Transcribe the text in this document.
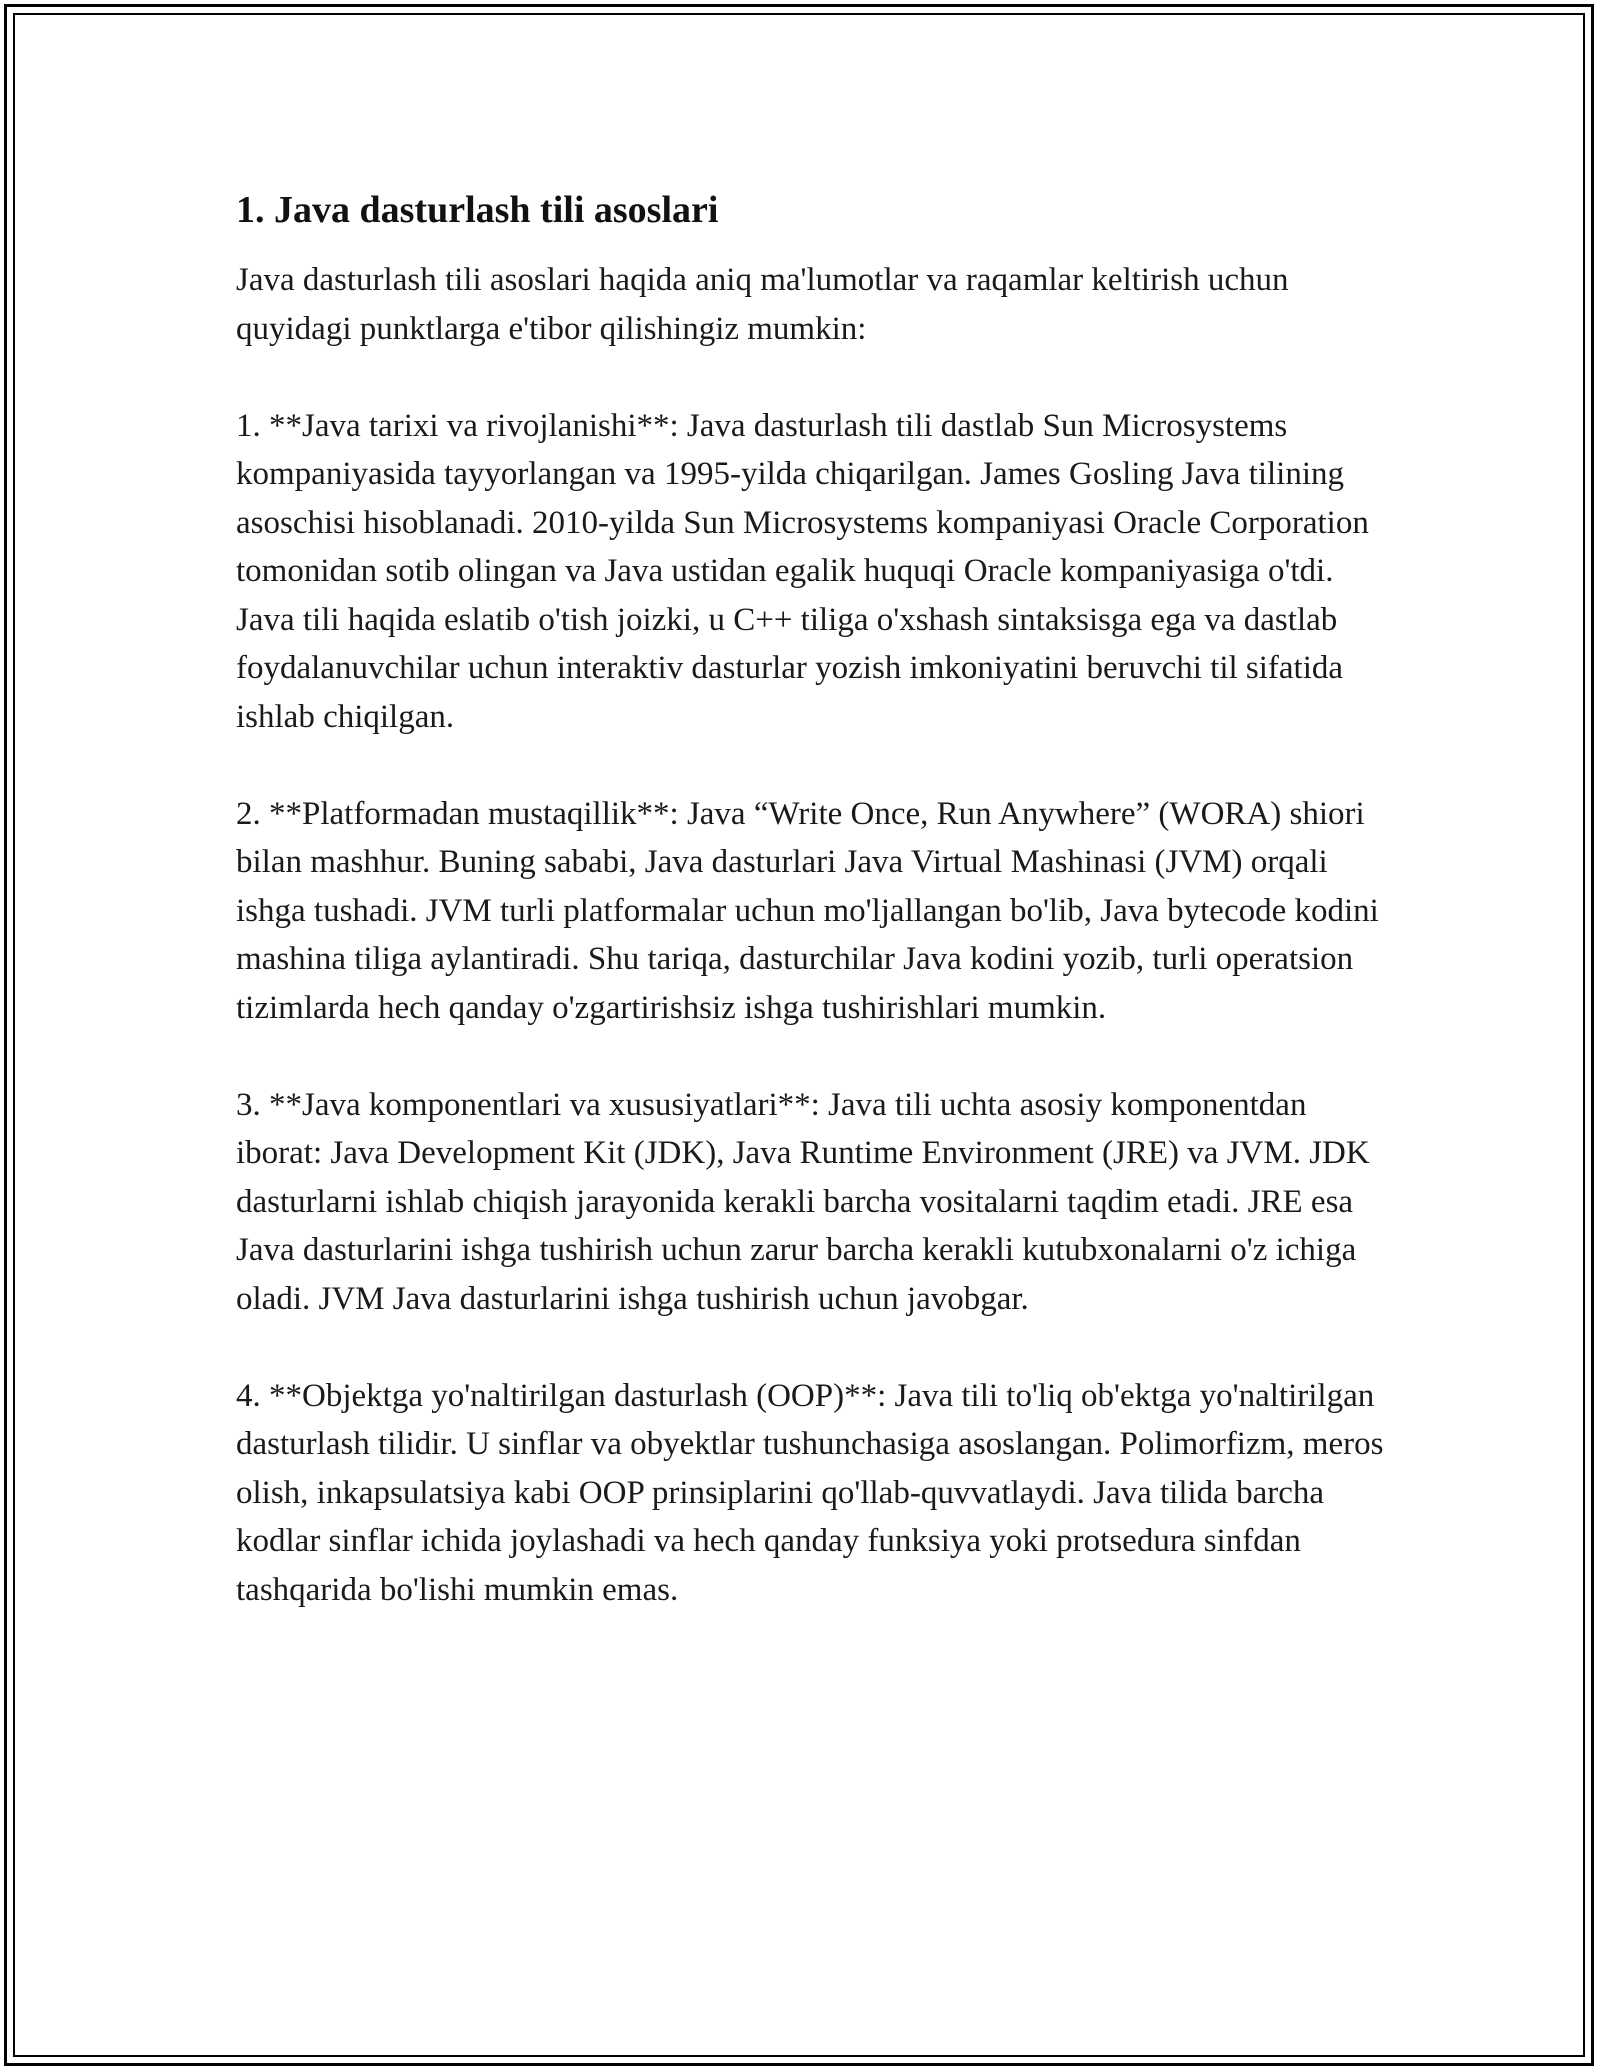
1. Java dasturlash tili asoslari

Java dasturlash tili asoslari haqida aniq ma'lumotlar va raqamlar keltirish uchun quyidagi punktlarga e'tibor qilishingiz mumkin:

1. **Java tarixi va rivojlanishi**: Java dasturlash tili dastlab Sun Microsystems kompaniyasida tayyorlangan va 1995-yilda chiqarilgan. James Gosling Java tilining asoschisi hisoblanadi. 2010-yilda Sun Microsystems kompaniyasi Oracle Corporation tomonidan sotib olingan va Java ustidan egalik huquqi Oracle kompaniyasiga o'tdi. Java tili haqida eslatib o'tish joizki, u C++ tiliga o'xshash sintaksisga ega va dastlab foydalanuvchilar uchun interaktiv dasturlar yozish imkoniyatini beruvchi til sifatida ishlab chiqilgan.

2. **Platformadan mustaqillik**: Java “Write Once, Run Anywhere” (WORA) shiori bilan mashhur. Buning sababi, Java dasturlari Java Virtual Mashinasi (JVM) orqali ishga tushadi. JVM turli platformalar uchun mo'ljallangan bo'lib, Java bytecode kodini mashina tiliga aylantiradi. Shu tariqa, dasturchilar Java kodini yozib, turli operatsion tizimlarda hech qanday o'zgartirishsiz ishga tushirishlari mumkin.

3. **Java komponentlari va xususiyatlari**: Java tili uchta asosiy komponentdan iborat: Java Development Kit (JDK), Java Runtime Environment (JRE) va JVM. JDK dasturlarni ishlab chiqish jarayonida kerakli barcha vositalarni taqdim etadi. JRE esa Java dasturlarini ishga tushirish uchun zarur barcha kerakli kutubxonalarni o'z ichiga oladi. JVM Java dasturlarini ishga tushirish uchun javobgar.

4. **Objektga yo'naltirilgan dasturlash (OOP)**: Java tili to'liq ob'ektga yo'naltirilgan dasturlash tilidir. U sinflar va obyektlar tushunchasiga asoslangan. Polimorfizm, meros olish, inkapsulatsiya kabi OOP prinsiplarini qo'llab-quvvatlaydi. Java tilida barcha kodlar sinflar ichida joylashadi va hech qanday funksiya yoki protsedura sinfdan tashqarida bo'lishi mumkin emas.
